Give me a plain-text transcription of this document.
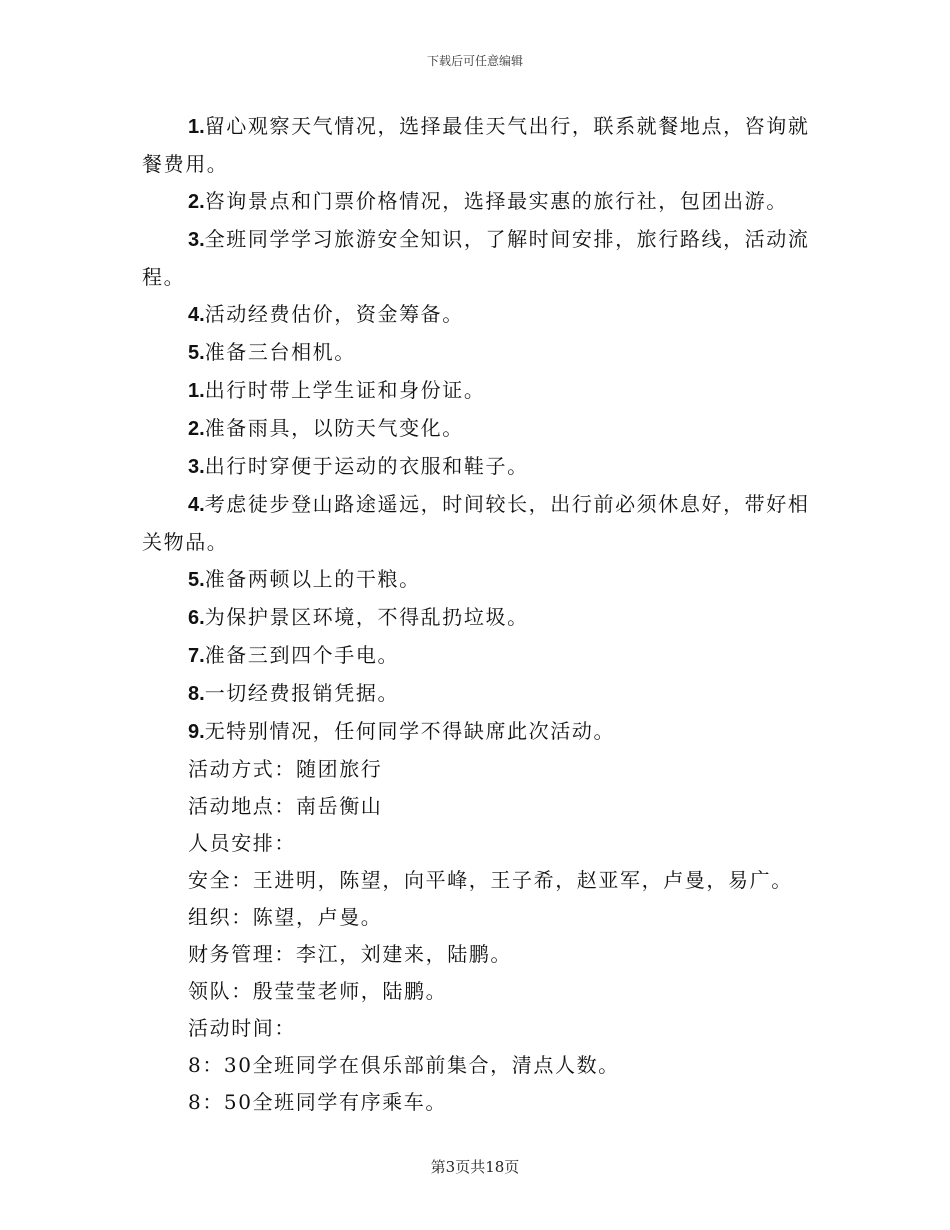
下载后可任意编辑

1.留心观察天气情况，选择最佳天气出行，联系就餐地点，咨询就餐费用。

2.咨询景点和门票价格情况，选择最实惠的旅行社，包团出游。

3.全班同学学习旅游安全知识，了解时间安排，旅行路线，活动流程。

4.活动经费估价，资金筹备。

5.准备三台相机。

1.出行时带上学生证和身份证。

2.准备雨具，以防天气变化。

3.出行时穿便于运动的衣服和鞋子。

4.考虑徒步登山路途遥远，时间较长，出行前必须休息好，带好相关物品。

5.准备两顿以上的干粮。

6.为保护景区环境，不得乱扔垃圾。

7.准备三到四个手电。

8.一切经费报销凭据。

9.无特别情况，任何同学不得缺席此次活动。

活动方式：随团旅行

活动地点：南岳衡山

人员安排：

安全：王进明，陈望，向平峰，王子希，赵亚军，卢曼，易广。

组织：陈望，卢曼。

财务管理：李江，刘建来，陆鹏。

领队：殷莹莹老师，陆鹏。

活动时间：

8：30全班同学在俱乐部前集合，清点人数。

8：50全班同学有序乘车。

第3页共18页
